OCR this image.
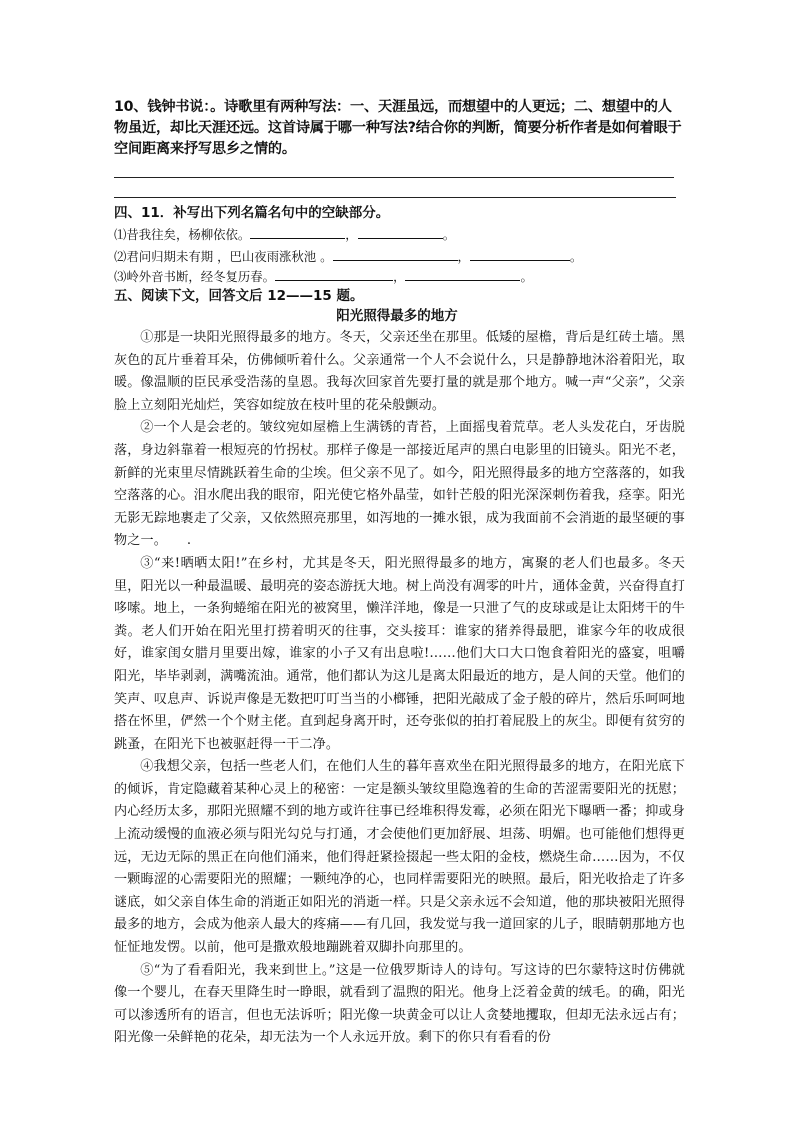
10、钱钟书说：。诗歌里有两种写法：一、天涯虽远，而想望中的人更远；二、想望中的人物虽近，却比天涯还远。这首诗属于哪一种写法?结合你的判断，简要分析作者是如何着眼于空间距离来抒写思乡之情的。
四、11．补写出下列名篇名句中的空缺部分。
⑴昔我往矣，杨柳依依。	，	。
⑵君问归期未有期 ，巴山夜雨涨秋池 。	，	。
⑶岭外音书断，经冬复历春。	，	。
五、阅读下文，回答文后 12——15 题。
阳光照得最多的地方

①那是一块阳光照得最多的地方。冬天，父亲还坐在那里。低矮的屋檐，背后是红砖土墙。黑灰色的瓦片垂着耳朵，仿佛倾听着什么。父亲通常一个人不会说什么，只是静静地沐浴着阳光，取暖。像温顺的臣民承受浩荡的皇恩。我每次回家首先要打量的就是那个地方。喊一声“父亲”，父亲脸上立刻阳光灿烂，笑容如绽放在枝叶里的花朵般颤动。

②一个人是会老的。皱纹宛如屋檐上生满锈的青苔，上面摇曳着荒草。老人头发花白，牙齿脱落，身边斜靠着一根短亮的竹拐杖。那样子像是一部接近尾声的黑白电影里的旧镜头。阳光不老，新鲜的光束里尽情跳跃着生命的尘埃。但父亲不见了。如今，阳光照得最多的地方空落落的，如我空落落的心。泪水爬出我的眼帘，阳光使它格外晶莹，如针芒般的阳光深深刺伤着我，痉挛。阳光无影无踪地裹走了父亲，又依然照亮那里，如泻地的一摊水银，成为我面前不会消逝的最坚硬的事物之一。　　.

③“来!晒晒太阳!”在乡村，尤其是冬天，阳光照得最多的地方，寓聚的老人们也最多。冬天里，阳光以一种最温暖、最明亮的姿态游抚大地。树上尚没有凋零的叶片，通体金黄，兴奋得直打哆嗦。地上，一条狗蜷缩在阳光的被窝里，懒洋洋地，像是一只泄了气的皮球或是让太阳烤干的牛粪。老人们开始在阳光里打捞着明灭的往事，交头接耳：谁家的猪养得最肥，谁家今年的收成很好，谁家闺女腊月里要出嫁，谁家的小子又有出息啦!……他们大口大口饱食着阳光的盛宴，咀嚼阳光，毕毕剥剥，满嘴流油。通常，他们都认为这儿是离太阳最近的地方，是人间的天堂。他们的笑声、叹息声、诉说声像是无数把叮叮当当的小榔锤，把阳光敲成了金子般的碎片，然后乐呵呵地搭在怀里，俨然一个个财主佬。直到起身离开时，还夸张似的拍打着屁股上的灰尘。即便有贫穷的跳蚤，在阳光下也被驱赶得一干二净。

④我想父亲，包括一些老人们，在他们人生的暮年喜欢坐在阳光照得最多的地方，在阳光底下的倾诉，肯定隐藏着某种心灵上的秘密：一定是额头皱纹里隐逸着的生命的苦涩需要阳光的抚慰；内心经历太多，那阳光照耀不到的地方或许往事已经堆积得发霉，必须在阳光下曝晒一番；抑或身上流动缓慢的血液必须与阳光勾兑与打通，才会使他们更加舒展、坦荡、明媚。也可能他们想得更远，无边无际的黑正在向他们涌来，他们得赶紧捡掇起一些太阳的金枝，燃烧生命……因为，不仅一颗晦涩的心需要阳光的照耀；一颗纯净的心，也同样需要阳光的映照。最后，阳光收拾走了许多谜底，如父亲自体生命的消逝正如阳光的消逝一样。只是父亲永远不会知道，他的那块被阳光照得最多的地方，会成为他亲人最大的疼痛——有几回，我发觉与我一道回家的儿子，眼睛朝那地方也怔怔地发愣。以前，他可是撒欢般地蹦跳着双脚扑向那里的。

⑤“为了看看阳光，我来到世上。”这是一位俄罗斯诗人的诗句。写这诗的巴尔蒙特这时仿佛就像一个婴儿，在春天里降生时一睁眼，就看到了温煦的阳光。他身上泛着金黄的绒毛。的确，阳光可以渗透所有的语言，但也无法诉听；阳光像一块黄金可以让人贪婪地攫取，但却无法永远占有；阳光像一朵鲜艳的花朵，却无法为一个人永远开放。剩下的你只有看看的份
